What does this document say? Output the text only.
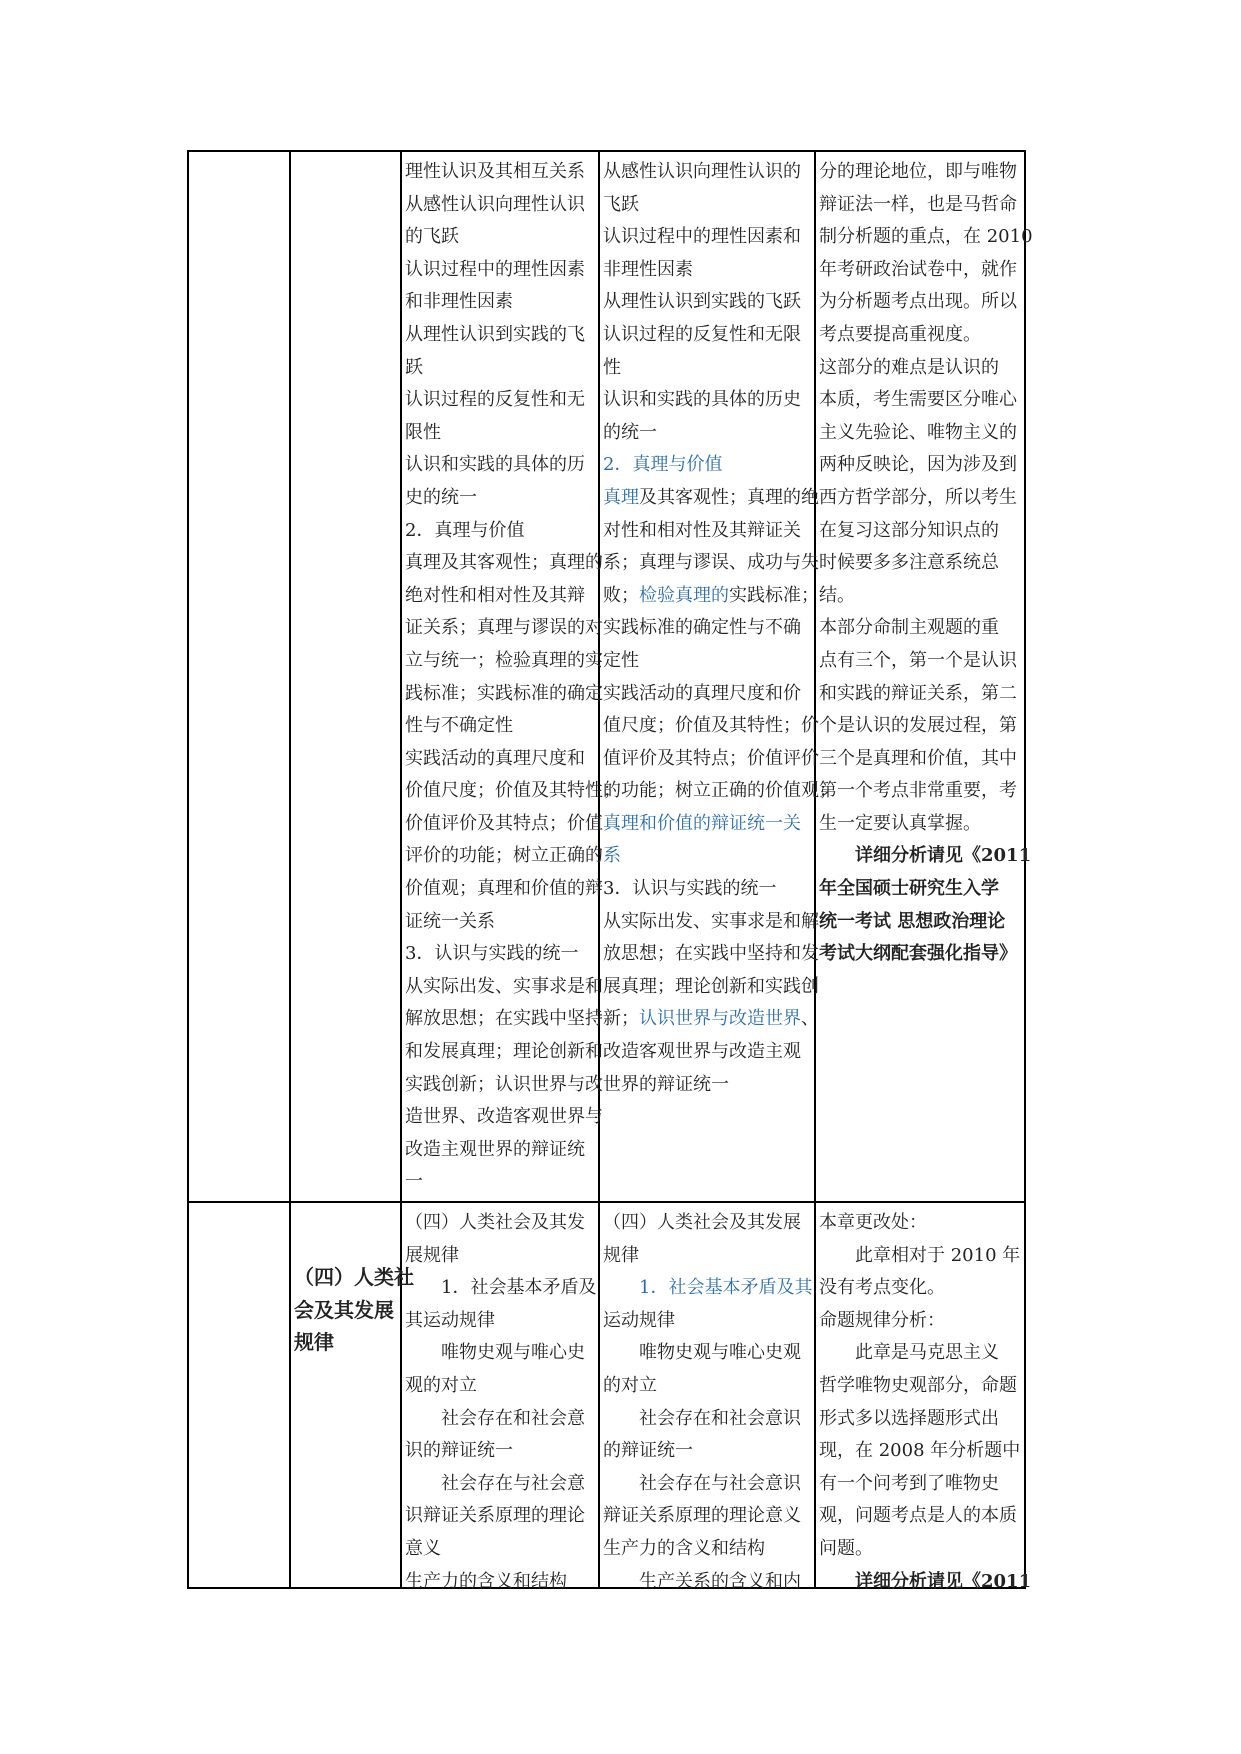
理性认识及其相互关系
从感性认识向理性认识
的飞跃
认识过程中的理性因素
和非理性因素
从理性认识到实践的飞
跃
认识过程的反复性和无
限性
认识和实践的具体的历
史的统一
2．真理与价值
真理及其客观性；真理的
绝对性和相对性及其辩
证关系；真理与谬误的对
立与统一；检验真理的实
践标准；实践标准的确定
性与不确定性
实践活动的真理尺度和
价值尺度；价值及其特性；
价值评价及其特点；价值
评价的功能；树立正确的
价值观；真理和价值的辩
证统一关系
3．认识与实践的统一
从实际出发、实事求是和
解放思想；在实践中坚持
和发展真理；理论创新和
实践创新；认识世界与改
造世界、改造客观世界与
改造主观世界的辩证统
一
从感性认识向理性认识的
飞跃
认识过程中的理性因素和
非理性因素
从理性认识到实践的飞跃
认识过程的反复性和无限
性
认识和实践的具体的历史
的统一
2．真理与价值
真理及其客观性；真理的绝
对性和相对性及其辩证关
系；真理与谬误、成功与失
败；检验真理的实践标准；
实践标准的确定性与不确
定性
实践活动的真理尺度和价
值尺度；价值及其特性；价
值评价及其特点；价值评价
的功能；树立正确的价值观；
真理和价值的辩证统一关
系
3．认识与实践的统一
从实际出发、实事求是和解
放思想；在实践中坚持和发
展真理；理论创新和实践创
新；认识世界与改造世界、
改造客观世界与改造主观
世界的辩证统一
分的理论地位，即与唯物
辩证法一样，也是马哲命
制分析题的重点，在 2010
年考研政治试卷中，就作
为分析题考点出现。所以
考点要提高重视度。
这部分的难点是认识的
本质，考生需要区分唯心
主义先验论、唯物主义的
两种反映论，因为涉及到
西方哲学部分，所以考生
在复习这部分知识点的
时候要多多注意系统总
结。
本部分命制主观题的重
点有三个，第一个是认识
和实践的辩证关系，第二
个是认识的发展过程，第
三个是真理和价值，其中
第一个考点非常重要，考
生一定要认真掌握。
详细分析请见《2011
年全国硕士研究生入学
统一考试 思想政治理论
考试大纲配套强化指导》
（四）人类社
会及其发展
规律
（四）人类社会及其发
展规律
1．社会基本矛盾及
其运动规律
唯物史观与唯心史
观的对立
社会存在和社会意
识的辩证统一
社会存在与社会意
识辩证关系原理的理论
意义
生产力的含义和结构
（四）人类社会及其发展
规律
1．社会基本矛盾及其
运动规律
唯物史观与唯心史观
的对立
社会存在和社会意识
的辩证统一
社会存在与社会意识
辩证关系原理的理论意义
生产力的含义和结构
生产关系的含义和内
本章更改处：
此章相对于 2010 年
没有考点变化。
命题规律分析：
此章是马克思主义
哲学唯物史观部分，命题
形式多以选择题形式出
现，在 2008 年分析题中
有一个问考到了唯物史
观，问题考点是人的本质
问题。
详细分析请见《2011
